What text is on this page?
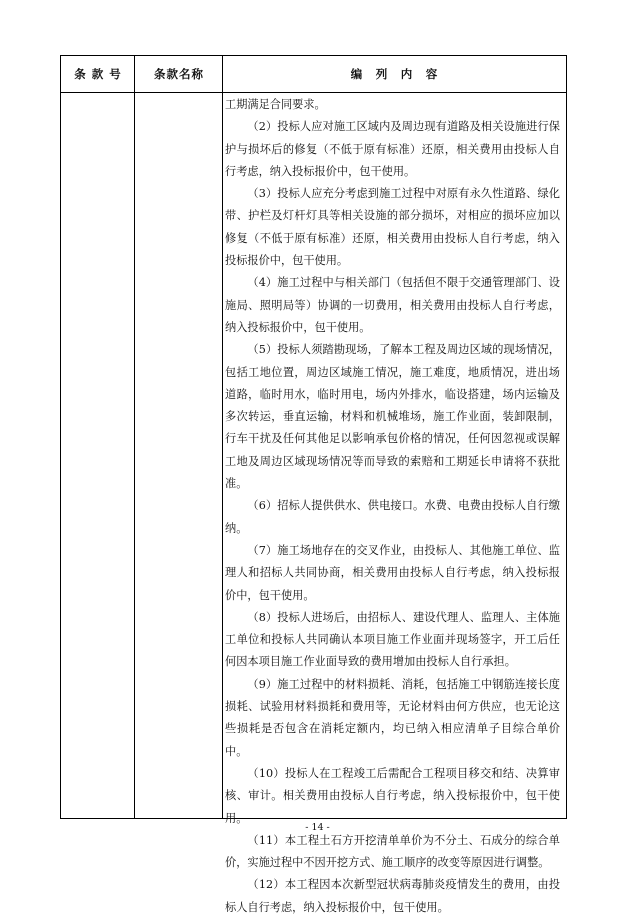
条 款 号	条款名称	编　列　内　容

工期满足合同要求。

（2）投标人应对施工区域内及周边现有道路及相关设施进行保护与损坏后的修复（不低于原有标准）还原，相关费用由投标人自行考虑，纳入投标报价中，包干使用。

（3）投标人应充分考虑到施工过程中对原有永久性道路、绿化带、护栏及灯杆灯具等相关设施的部分损坏，对相应的损坏应加以修复（不低于原有标准）还原，相关费用由投标人自行考虑，纳入投标报价中，包干使用。

（4）施工过程中与相关部门（包括但不限于交通管理部门、设施局、照明局等）协调的一切费用，相关费用由投标人自行考虑，纳入投标报价中，包干使用。

（5）投标人须踏勘现场，了解本工程及周边区域的现场情况，包括工地位置，周边区域施工情况，施工难度，地质情况，进出场道路，临时用水，临时用电，场内外排水，临设搭建，场内运输及多次转运，垂直运输，材料和机械堆场，施工作业面，装卸限制，行车干扰及任何其他足以影响承包价格的情况，任何因忽视或误解工地及周边区域现场情况等而导致的索赔和工期延长申请将不获批准。

（6）招标人提供供水、供电接口。水费、电费由投标人自行缴纳。

（7）施工场地存在的交叉作业，由投标人、其他施工单位、监理人和招标人共同协商，相关费用由投标人自行考虑，纳入投标报价中，包干使用。

（8）投标人进场后，由招标人、建设代理人、监理人、主体施工单位和投标人共同确认本项目施工作业面并现场签字，开工后任何因本项目施工作业面导致的费用增加由投标人自行承担。

（9）施工过程中的材料损耗、消耗，包括施工中钢筋连接长度损耗、试验用材料损耗和费用等，无论材料由何方供应，也无论这些损耗是否包含在消耗定额内，均已纳入相应清单子目综合单价中。

（10）投标人在工程竣工后需配合工程项目移交和结、决算审核、审计。相关费用由投标人自行考虑，纳入投标报价中，包干使用。

（11）本工程土石方开挖清单单价为不分土、石成分的综合单价，实施过程中不因开挖方式、施工顺序的改变等原因进行调整。

（12）本工程因本次新型冠状病毒肺炎疫情发生的费用，由投标人自行考虑，纳入投标报价中，包干使用。

- 14 -
